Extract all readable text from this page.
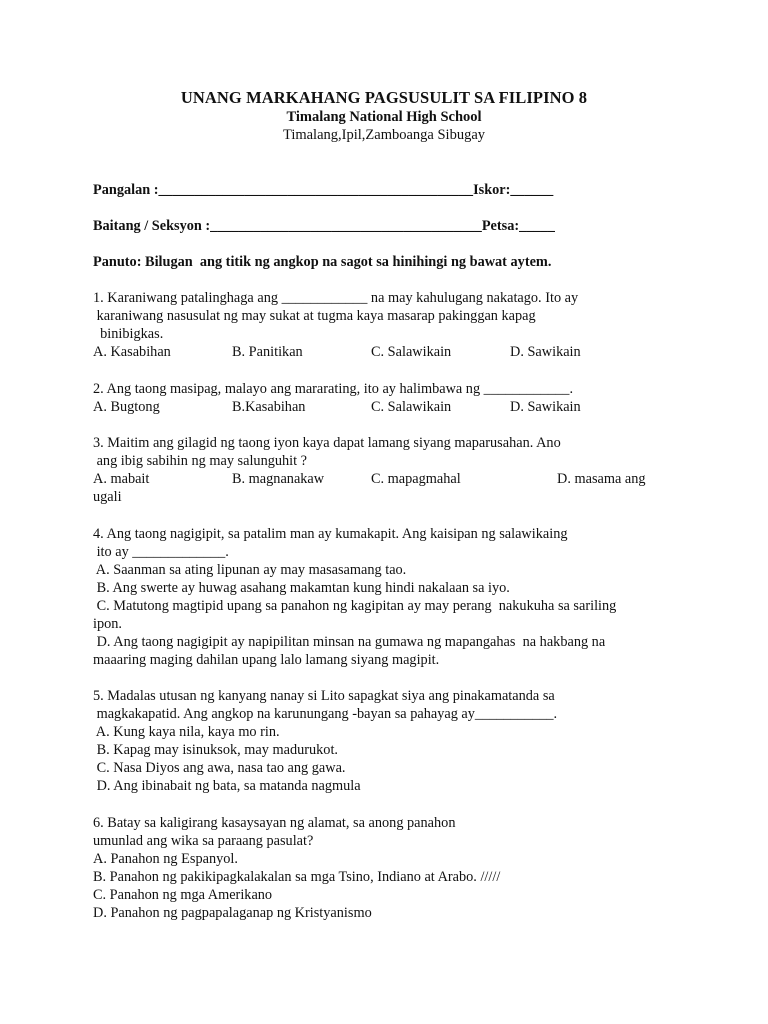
UNANG MARKAHANG PAGSUSULIT SA FILIPINO 8
Timalang National High School
Timalang,Ipil,Zamboanga Sibugay
Pangalan :____________________________________________Iskor:______
Baitang / Seksyon :______________________________________Petsa:_____
Panuto: Bilugan  ang titik ng angkop na sagot sa hinihingi ng bawat aytem.
1. Karaniwang patalinghaga ang ____________ na may kahulugang nakatago. Ito ay
karaniwang nasusulat ng may sukat at tugma kaya masarap pakinggan kapag
binibigkas.
A. Kasabihan	B. Panitikan	C. Salawikain	D. Sawikain
2. Ang taong masipag, malayo ang mararating, ito ay halimbawa ng ____________.
A. Bugtong	B.Kasabihan	C. Salawikain	D. Sawikain
3. Maitim ang gilagid ng taong iyon kaya dapat lamang siyang maparusahan. Ano
ang ibig sabihin ng may salunguhit ?
A. mabait	B. magnanakaw	C. mapagmahal	D. masama ang
ugali
4. Ang taong nagigipit, sa patalim man ay kumakapit. Ang kaisipan ng salawikaing
ito ay _____________.
A. Saanman sa ating lipunan ay may masasamang tao.
B. Ang swerte ay huwag asahang makamtan kung hindi nakalaan sa iyo.
C. Matutong magtipid upang sa panahon ng kagipitan ay may perang  nakukuha sa sariling
ipon.
D. Ang taong nagigipit ay napipilitan minsan na gumawa ng mapangahas  na hakbang na
maaaring maging dahilan upang lalo lamang siyang magipit.
5. Madalas utusan ng kanyang nanay si Lito sapagkat siya ang pinakamatanda sa
magkakapatid. Ang angkop na karunungang -bayan sa pahayag ay___________.
A. Kung kaya nila, kaya mo rin.
B. Kapag may isinuksok, may madurukot.
C. Nasa Diyos ang awa, nasa tao ang gawa.
D. Ang ibinabait ng bata, sa matanda nagmula
6. Batay sa kaligirang kasaysayan ng alamat, sa anong panahon
umunlad ang wika sa paraang pasulat?
A. Panahon ng Espanyol.
B. Panahon ng pakikipagkalakalan sa mga Tsino, Indiano at Arabo. /////
C. Panahon ng mga Amerikano
D. Panahon ng pagpapalaganap ng Kristyanismo
